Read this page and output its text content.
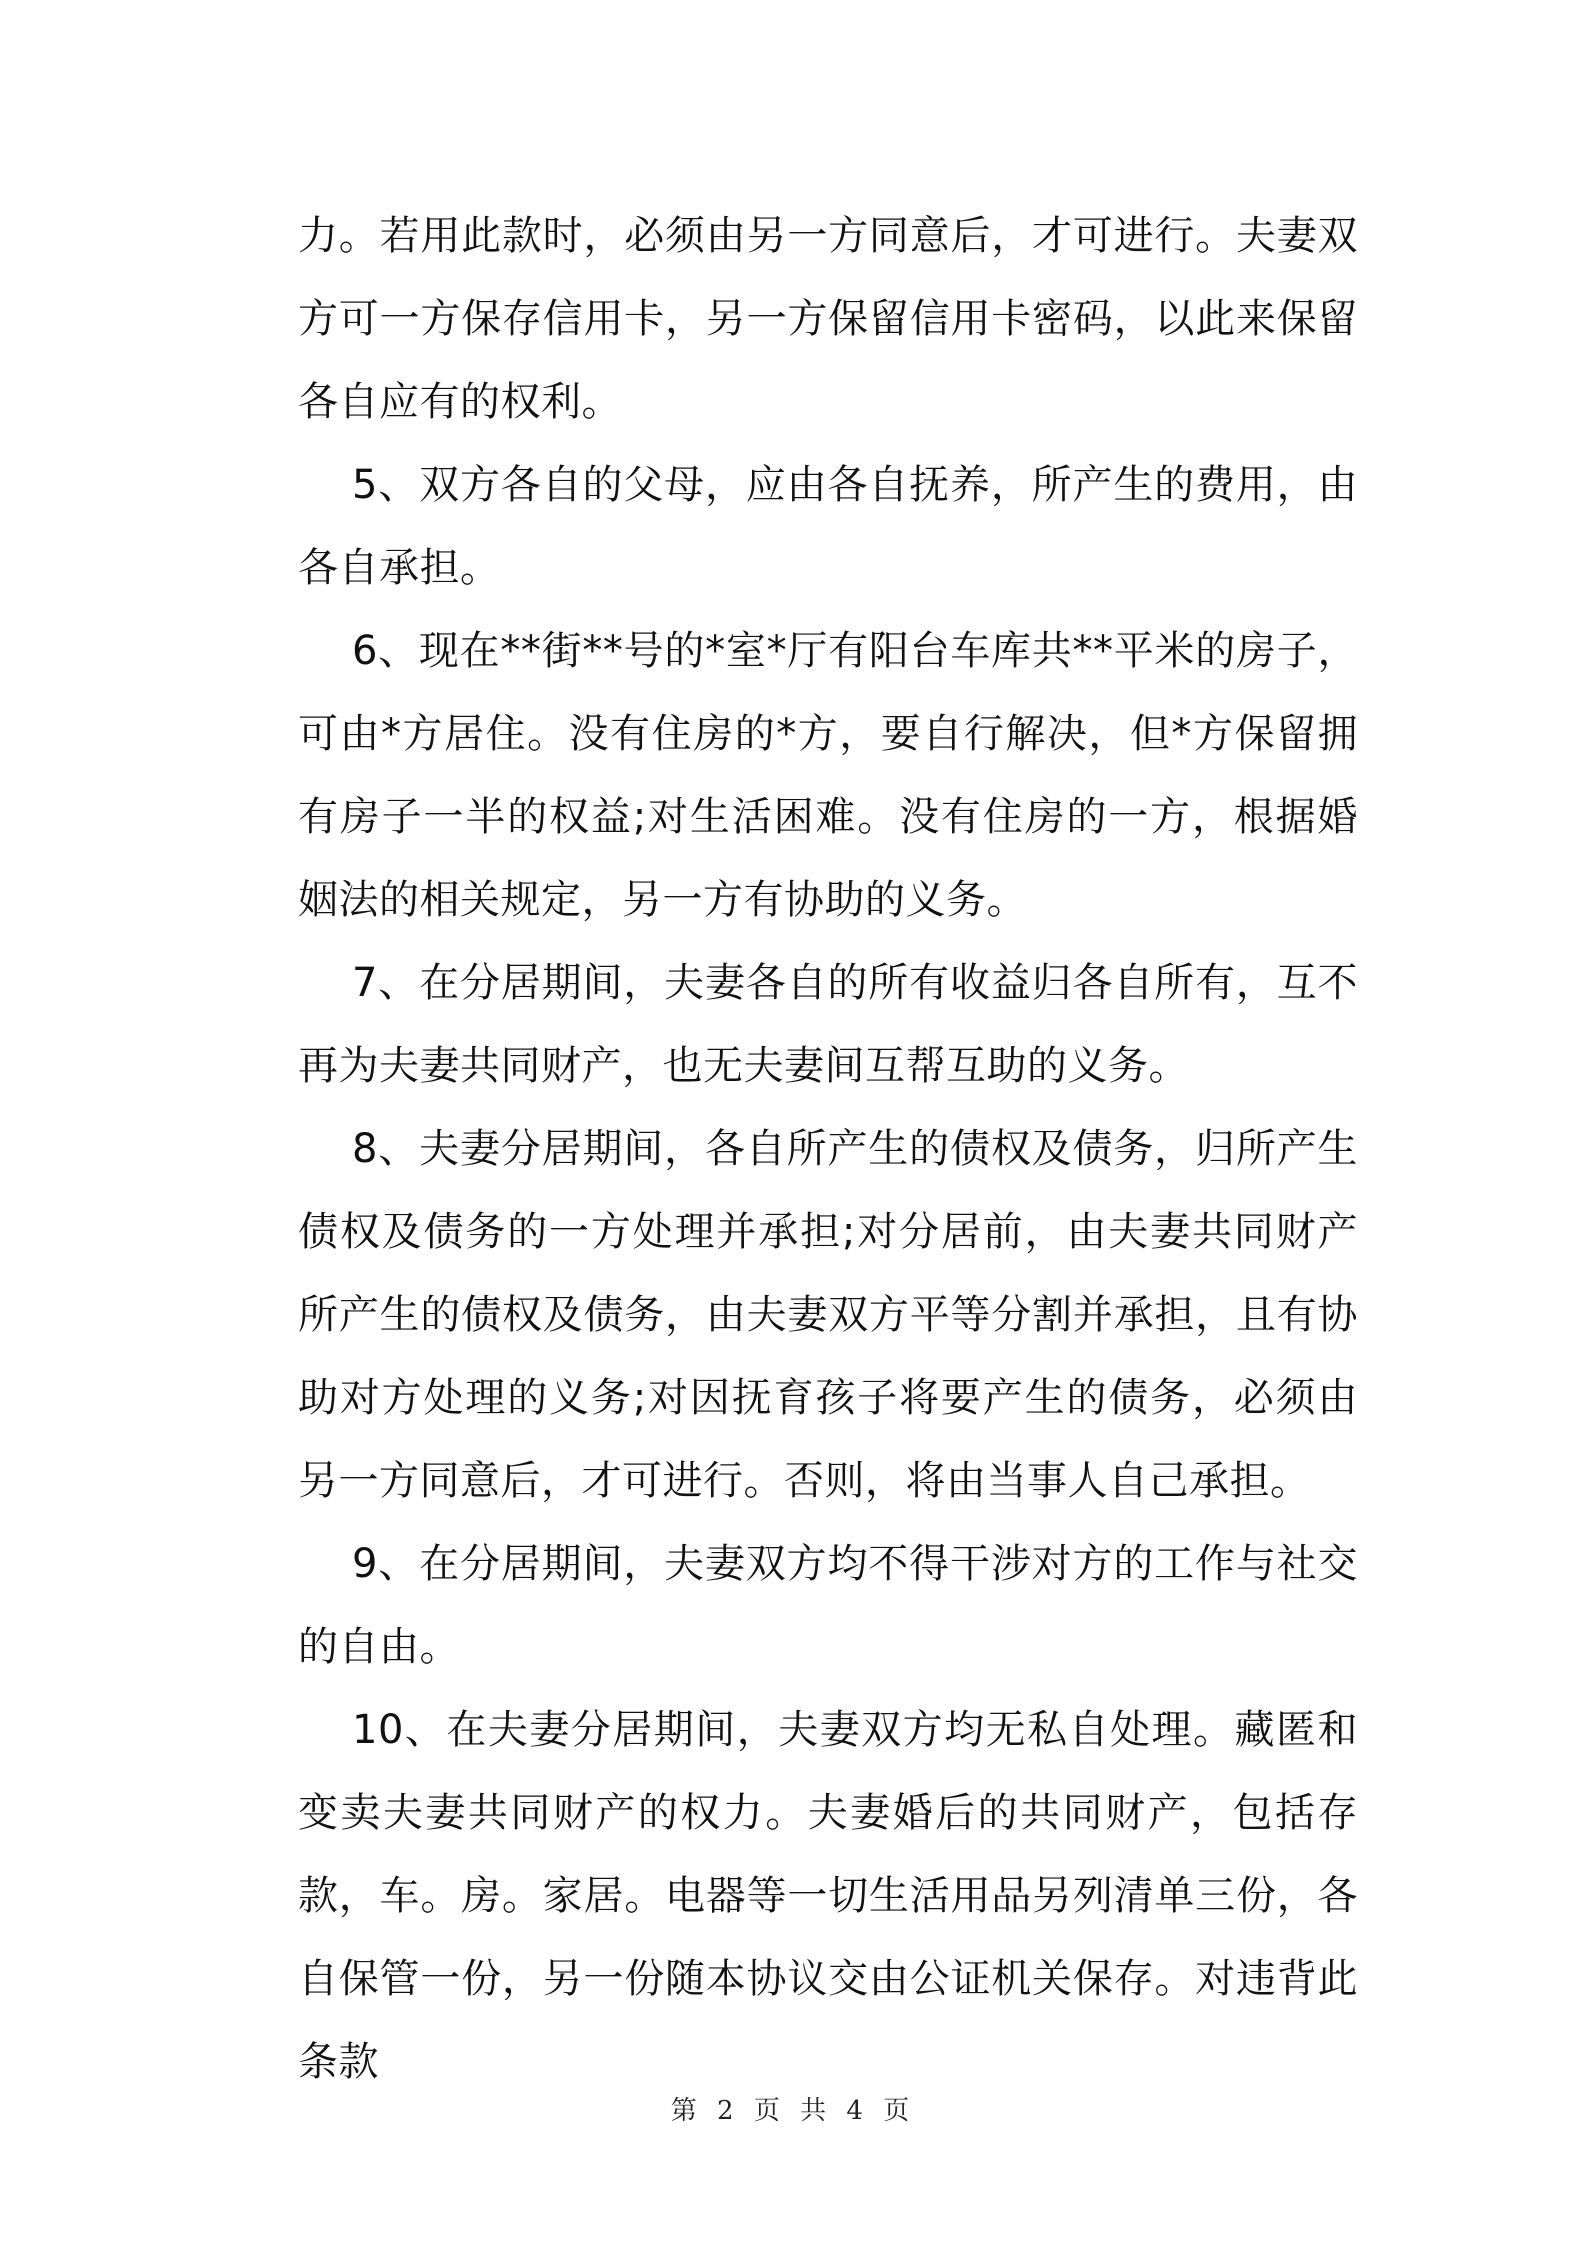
力。若用此款时，必须由另一方同意后，才可进行。夫妻双方可一方保存信用卡，另一方保留信用卡密码，以此来保留各自应有的权利。

5、双方各自的父母，应由各自抚养，所产生的费用，由各自承担。

6、现在**街**号的*室*厅有阳台车库共**平米的房子，可由*方居住。没有住房的*方，要自行解决，但*方保留拥有房子一半的权益;对生活困难。没有住房的一方，根据婚姻法的相关规定，另一方有协助的义务。

7、在分居期间，夫妻各自的所有收益归各自所有，互不再为夫妻共同财产，也无夫妻间互帮互助的义务。

8、夫妻分居期间，各自所产生的债权及债务，归所产生债权及债务的一方处理并承担;对分居前，由夫妻共同财产所产生的债权及债务，由夫妻双方平等分割并承担，且有协助对方处理的义务;对因抚育孩子将要产生的债务，必须由另一方同意后，才可进行。否则，将由当事人自己承担。

9、在分居期间，夫妻双方均不得干涉对方的工作与社交的自由。

10、在夫妻分居期间，夫妻双方均无私自处理。藏匿和变卖夫妻共同财产的权力。夫妻婚后的共同财产，包括存款，车。房。家居。电器等一切生活用品另列清单三份，各自保管一份，另一份随本协议交由公证机关保存。对违背此条款

第 2 页 共 4 页
